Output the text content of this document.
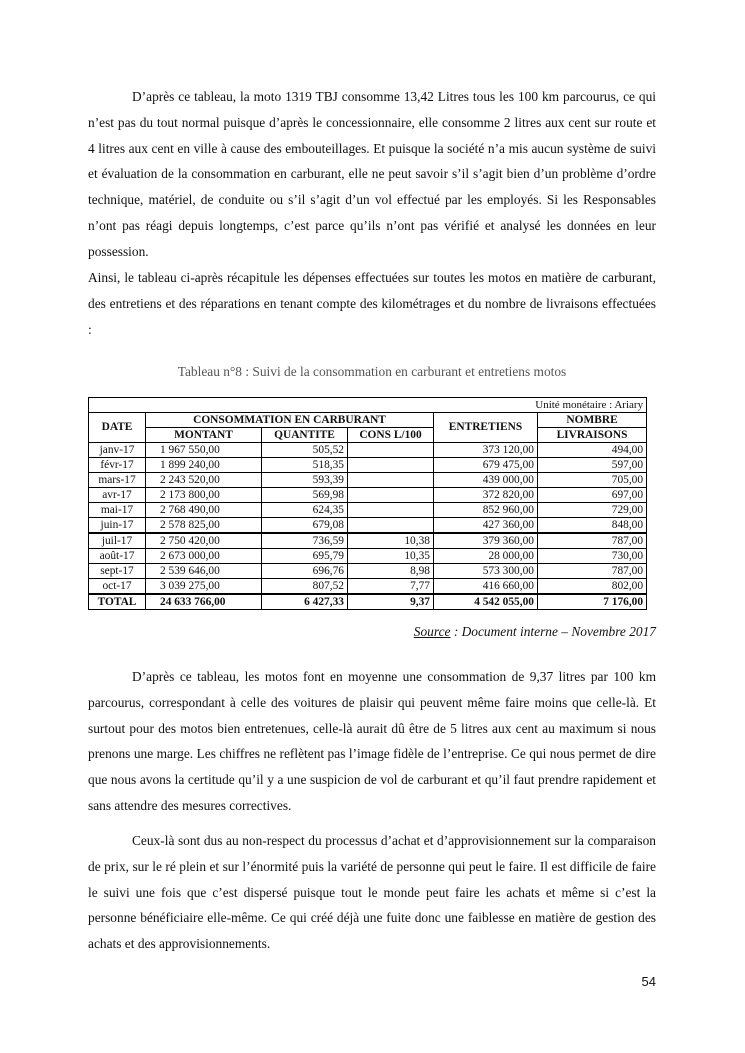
D’après ce tableau, la moto 1319 TBJ consomme 13,42 Litres tous les 100 km parcourus, ce qui n’est pas du tout normal puisque d’après le concessionnaire, elle consomme 2 litres aux cent sur route et 4 litres aux cent en ville à cause des embouteillages. Et puisque la société n’a mis aucun système de suivi et évaluation de la consommation en carburant, elle ne peut savoir s’il s’agit bien d’un problème d’ordre technique, matériel, de conduite ou s’il s’agit d’un vol effectué par les employés. Si les Responsables n’ont pas réagi depuis longtemps, c’est parce qu’ils n’ont pas vérifié et analysé les données en leur possession.

Ainsi, le tableau ci-après récapitule les dépenses effectuées sur toutes les motos en matière de carburant, des entretiens et des réparations en tenant compte des kilométrages et du nombre de livraisons effectuées :

Tableau n°8 : Suivi de la consommation en carburant et entretiens motos
Unité monétaire : Ariary					
DATE	CONSOMMATION EN CARBURANT			ENTRETIENS	NOMBRE
	MONTANT	QUANTITE	CONS L/100		LIVRAISONS
janv-17	1 967 550,00	505,52		373 120,00	494,00
févr-17	1 899 240,00	518,35		679 475,00	597,00
mars-17	2 243 520,00	593,39		439 000,00	705,00
avr-17	2 173 800,00	569,98		372 820,00	697,00
mai-17	2 768 490,00	624,35		852 960,00	729,00
juin-17	2 578 825,00	679,08		427 360,00	848,00
juil-17	2 750 420,00	736,59	10,38	379 360,00	787,00
août-17	2 673 000,00	695,79	10,35	28 000,00	730,00
sept-17	2 539 646,00	696,76	8,98	573 300,00	787,00
oct-17	3 039 275,00	807,52	7,77	416 660,00	802,00
TOTAL	24 633 766,00	6 427,33	9,37	4 542 055,00	7 176,00
Source : Document interne – Novembre 2017

D’après ce tableau, les motos font en moyenne une consommation de 9,37 litres par 100 km parcourus, correspondant à celle des voitures de plaisir qui peuvent même faire moins que celle-là. Et surtout pour des motos bien entretenues, celle-là aurait dû être de 5 litres aux cent au maximum si nous prenons une marge. Les chiffres ne reflètent pas l’image fidèle de l’entreprise. Ce qui nous permet de dire que nous avons la certitude qu’il y a une suspicion de vol de carburant et qu’il faut prendre rapidement et sans attendre des mesures correctives.

Ceux-là sont dus au non-respect du processus d’achat et d’approvisionnement sur la comparaison de prix, sur le ré plein et sur l’énormité puis la variété de personne qui peut le faire. Il est difficile de faire le suivi une fois que c’est dispersé puisque tout le monde peut faire les achats et même si c’est la personne bénéficiaire elle-même. Ce qui créé déjà une fuite donc une faiblesse en matière de gestion des achats et des approvisionnements.

54
